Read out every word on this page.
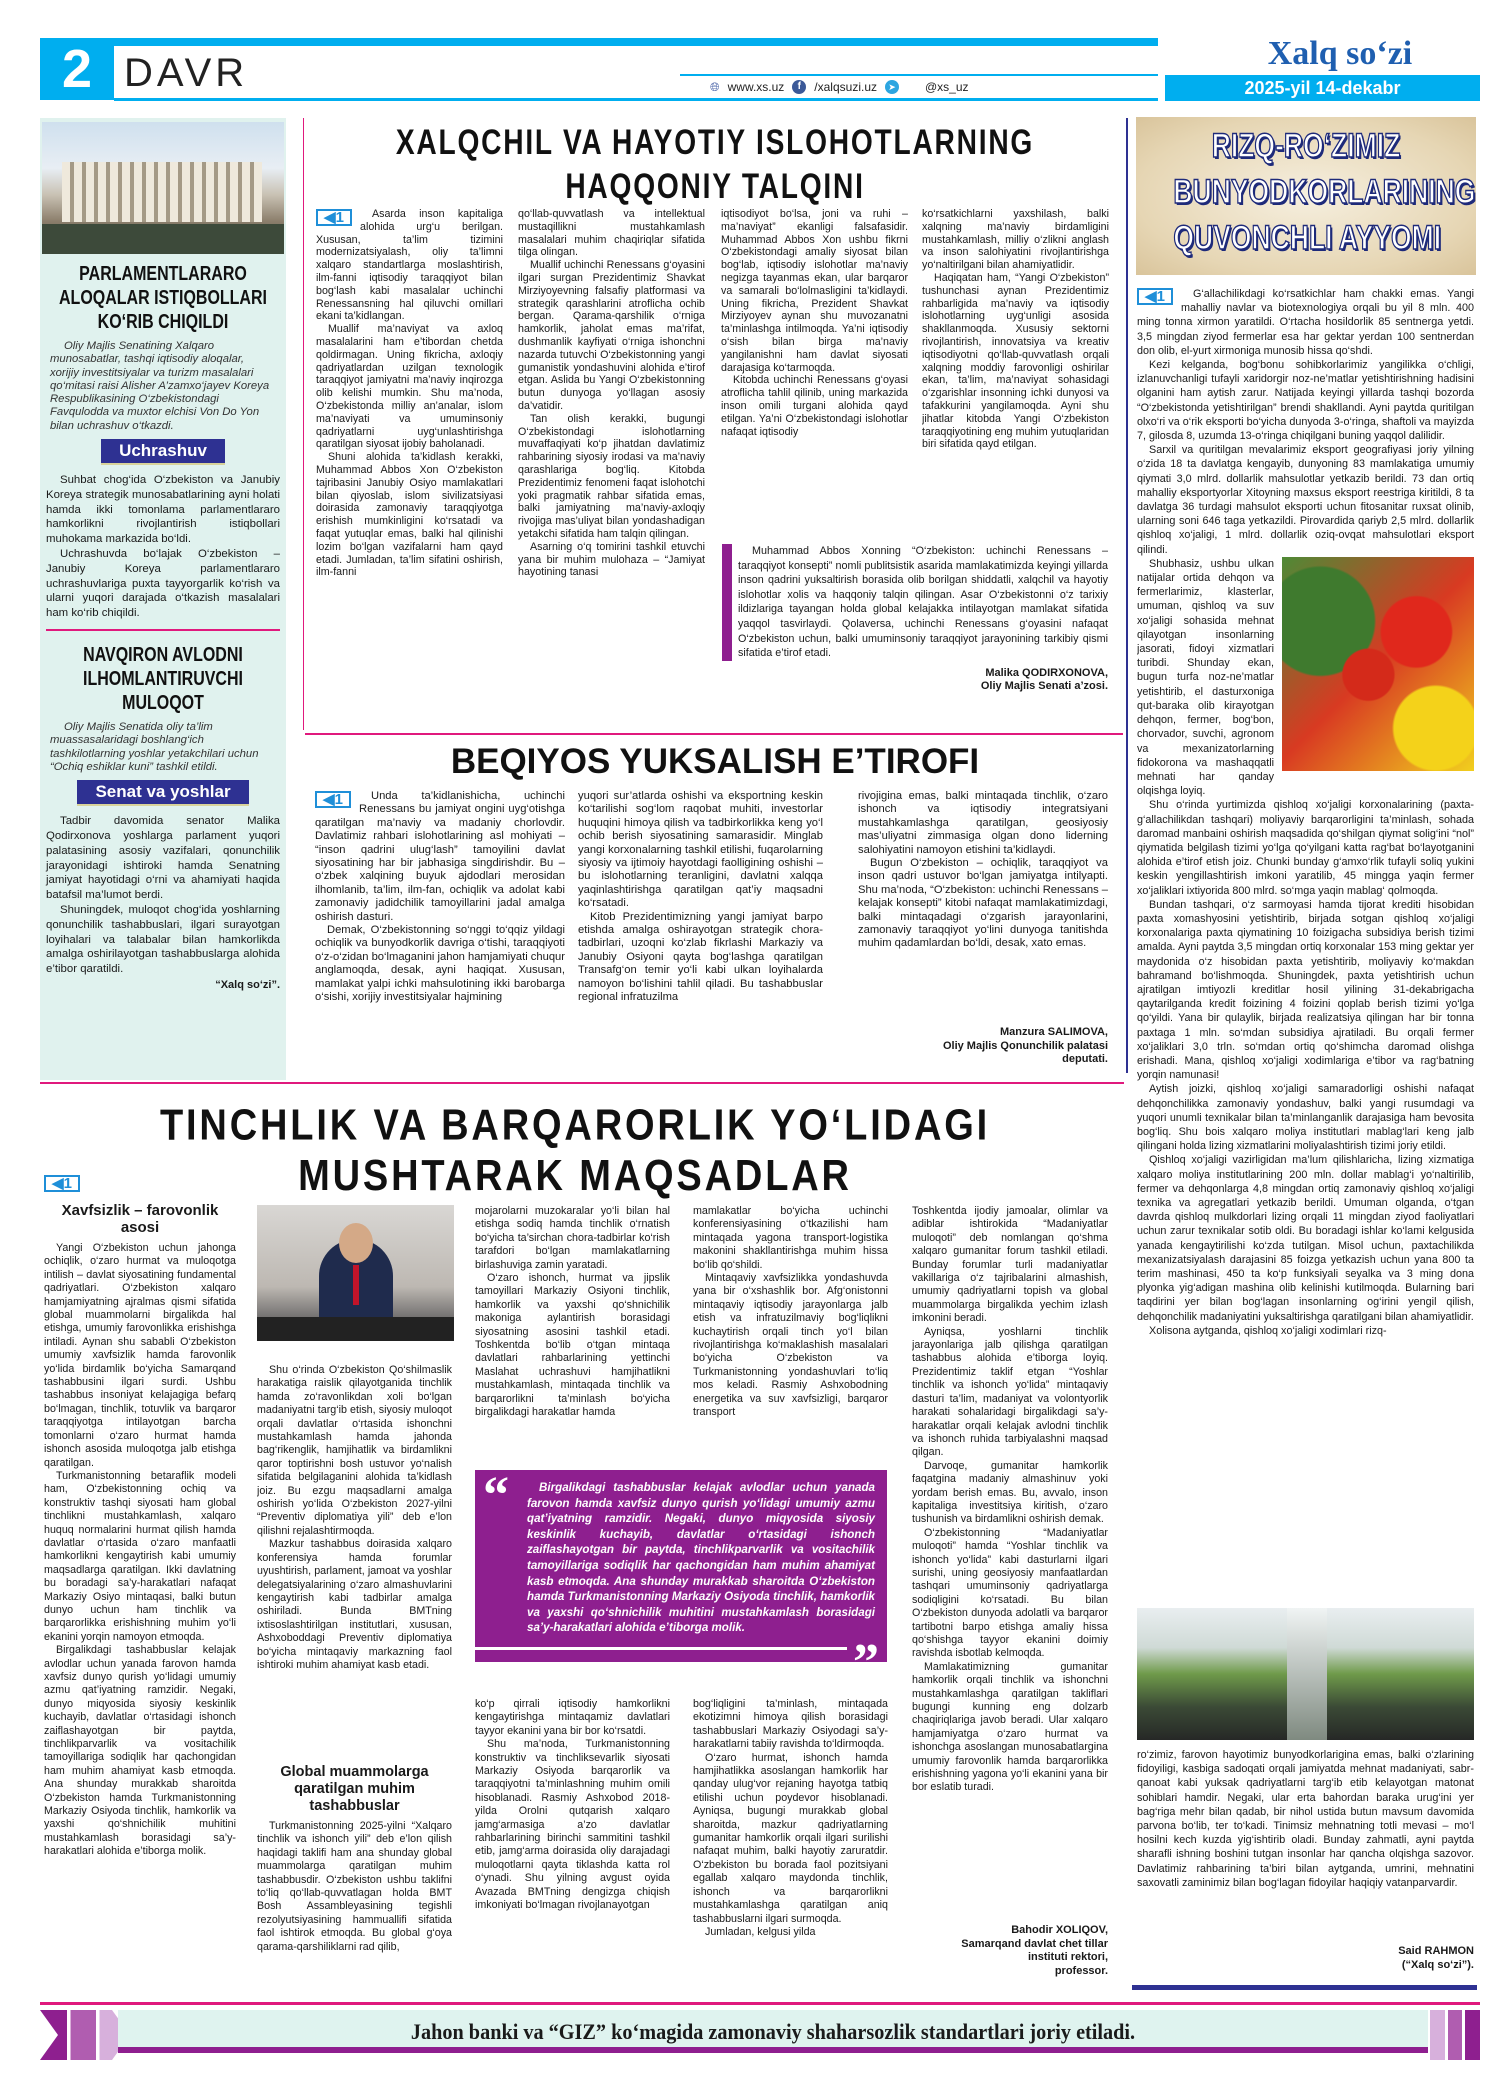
2 DAVR	🌐︎ www.xs.uz	f	/xalqsuzi.uz	➤ @xs_uz
Xalq so‘zi
2025-yil 14-dekabr
PARLAMENTLARARO ALOQALAR ISTIQBOLLARI KO‘RIB CHIQILDI
Oliy Majlis Senatining Xalqaro munosabatlar, tashqi iqtisodiy aloqalar, xorijiy investitsiyalar va turizm masalalari qo‘mitasi raisi Alisher A’zamxo‘jayev Koreya Respublikasining O‘zbekistondagi Favqulodda va muxtor elchisi Von Do Yon bilan uchrashuv o‘tkazdi.
Uchrashuv

Suhbat chog‘ida O‘zbekiston va Janubiy Koreya strategik munosabatlarining ayni holati hamda ikki tomonlama parlamentlararo hamkorlikni rivojlantirish istiqbollari muhokama markazida bo‘ldi.

Uchrashuvda bo‘lajak O‘zbekiston – Janubiy Koreya parlamentlararo uchrashuvlariga puxta tayyorgarlik ko‘rish va ularni yuqori darajada o‘tkazish masalalari ham ko‘rib chiqildi.

NAVQIRON AVLODNI ILHOMLANTIRUVCHI MULOQOT
Oliy Majlis Senatida oliy ta’lim muassasalaridagi boshlang‘ich tashkilotlarning yoshlar yetakchilari uchun “Ochiq eshiklar kuni” tashkil etildi.
Senat va yoshlar

Tadbir davomida senator Malika Qodirxonova yoshlarga parlament yuqori palatasining asosiy vazifalari, qonunchilik jarayonidagi ishtiroki hamda Senatning jamiyat hayotidagi o‘rni va ahamiyati haqida batafsil ma’lumot berdi.

Shuningdek, muloqot chog‘ida yoshlarning qonunchilik tashabbuslari, ilgari surayotgan loyihalari va talabalar bilan hamkorlikda amalga oshirilayotgan tashabbuslarga alohida e’tibor qaratildi.

“Xalq so‘zi”.
XALQCHIL VA HAYOTIY ISLOHOTLARNING
HAQQONIY TALQINI

◀1	Asarda inson kapitaliga alohida urg‘u berilgan. Xususan, ta’lim tizimini modernizatsiyalash, oliy ta’limni xalqaro standartlarga moslashtirish, ilm-fanni iqtisodiy taraqqiyot bilan bog‘lash kabi masalalar uchinchi Renessansning hal qiluvchi omillari ekani ta’kidlangan.

Muallif ma’naviyat va axloq masalalarini ham e’tibordan chetda qoldirmagan. Uning fikricha, axloqiy qadriyatlardan uzilgan texnologik taraqqiyot jamiyatni ma’naviy inqirozga olib kelishi mumkin. Shu ma’noda, O‘zbekistonda milliy an’analar, islom ma’naviyati va umuminsoniy qadriyatlarni uyg‘unlashtirishga qaratilgan siyosat ijobiy baholanadi.

Shuni alohida ta’kidlash kerakki, Muhammad Abbos Xon O‘zbekiston tajribasini Janubiy Osiyo mamlakatlari bilan qiyoslab, islom sivilizatsiyasi doirasida zamonaviy taraqqiyotga erishish mumkinligini ko‘rsatadi va faqat yutuqlar emas, balki hal qilinishi lozim bo‘lgan vazifalarni ham qayd etadi. Jumladan, ta’lim sifatini oshirish, ilm-fanni

qo‘llab-quvvatlash va intellektual mustaqillikni mustahkamlash masalalari muhim chaqiriqlar sifatida tilga olingan.

Muallif uchinchi Renessans g‘oyasini ilgari surgan Prezidentimiz Shavkat Mirziyoyevning falsafiy platformasi va strategik qarashlarini atroflicha ochib bergan. Qarama-qarshilik o‘rniga hamkorlik, jaholat emas ma’rifat, dushmanlik kayfiyati o‘rniga ishonchni nazarda tutuvchi O‘zbekistonning yangi gumanistik yondashuvini alohida e’tirof etgan. Aslida bu Yangi O‘zbekistonning butun dunyoga yo‘llagan asosiy da’vatidir.

Tan olish kerakki, bugungi O‘zbekistondagi islohotlarning muvaffaqiyati ko‘p jihatdan davlatimiz rahbarining siyosiy irodasi va ma’naviy qarashlariga bog‘liq. Kitobda Prezidentimiz fenomeni faqat islohotchi yoki pragmatik rahbar sifatida emas, balki jamiyatning ma’naviy-axloqiy rivojiga mas’uliyat bilan yondashadigan yetakchi sifatida ham talqin qilingan.

Asarning o‘q tomirini tashkil etuvchi yana bir muhim mulohaza – “Jamiyat hayotining tanasi

iqtisodiyot bo‘lsa, joni va ruhi – ma’naviyat” ekanligi falsafasidir. Muhammad Abbos Xon ushbu fikrni O‘zbekistondagi amaliy siyosat bilan bog‘lab, iqtisodiy islohotlar ma’naviy negizga tayanmas ekan, ular barqaror va samarali bo‘lolmasligini ta’kidlaydi. Uning fikricha, Prezident Shavkat Mirziyoyev aynan shu muvozanatni ta’minlashga intilmoqda. Ya’ni iqtisodiy o‘sish bilan birga ma’naviy yangilanishni ham davlat siyosati darajasiga ko‘tarmoqda.

Kitobda uchinchi Renessans g‘oyasi atroflicha tahlil qilinib, uning markazida inson omili turgani alohida qayd etilgan. Ya’ni O‘zbekistondagi islohotlar nafaqat iqtisodiy

ko‘rsatkichlarni yaxshilash, balki xalqning ma’naviy birdamligini mustahkamlash, milliy o‘zlikni anglash va inson salohiyatini rivojlantirishga yo‘naltirilgani bilan ahamiyatlidir.

Haqiqatan ham, “Yangi O‘zbekiston” tushunchasi aynan Prezidentimiz rahbarligida ma’naviy va iqtisodiy islohotlarning uyg‘unligi asosida shakllanmoqda. Xususiy sektorni rivojlantirish, innovatsiya va kreativ iqtisodiyotni qo‘llab-quvvatlash orqali xalqning moddiy farovonligi oshirilar ekan, ta’lim, ma’naviyat sohasidagi o‘zgarishlar insonning ichki dunyosi va tafakkurini yangilamoqda. Ayni shu jihatlar kitobda Yangi O‘zbekiston taraqqiyotining eng muhim yutuqlaridan biri sifatida qayd etilgan.

Muhammad Abbos Xonning “O‘zbekiston: uchinchi Renessans – taraqqiyot konsepti” nomli publitsistik asarida mamlakatimizda keyingi yillarda inson qadrini yuksaltirish borasida olib borilgan shiddatli, xalqchil va hayotiy islohotlar xolis va haqqoniy talqin qilingan. Asar O‘zbekistonni o‘z tarixiy ildizlariga tayangan holda global kelajakka intilayotgan mamlakat sifatida yaqqol tasvirlaydi. Qolaversa, uchinchi Renessans g‘oyasini nafaqat O‘zbekiston uchun, balki umuminsoniy taraqqiyot jarayonining tarkibiy qismi sifatida e’tirof etadi.
Malika QODIRXONOVA,
Oliy Majlis Senati a’zosi.
BEQIYOS YUKSALISH E’TIROFI

◀1	Unda ta’kidlanishicha, uchinchi Renessans bu jamiyat ongini uyg‘otishga qaratilgan ma’naviy va madaniy chorlovdir. Davlatimiz rahbari islohotlarining asl mohiyati – “inson qadrini ulug‘lash” tamoyilini davlat siyosatining har bir jabhasiga singdirishdir. Bu – o‘zbek xalqining buyuk ajdodlari merosidan ilhomlanib, ta’lim, ilm-fan, ochiqlik va adolat kabi zamonaviy jadidchilik tamoyillarini jadal amalga oshirish dasturi.

Demak, O‘zbekistonning so‘nggi to‘qqiz yildagi ochiqlik va bunyodkorlik davriga o‘tishi, taraqqiyoti o‘z-o‘zidan bo‘lmaganini jahon hamjamiyati chuqur anglamoqda, desak, ayni haqiqat. Xususan, mamlakat yalpi ichki mahsulotining ikki barobarga o‘sishi, xorijiy investitsiyalar hajmining

yuqori sur’atlarda oshishi va eksportning keskin ko‘tarilishi sog‘lom raqobat muhiti, investorlar huquqini himoya qilish va tadbirkorlikka keng yo‘l ochib berish siyosatining samarasidir. Minglab yangi korxonalarning tashkil etilishi, fuqarolarning siyosiy va ijtimoiy hayotdagi faolligining oshishi – bu islohotlarning teranligini, davlatni xalqqa yaqinlashtirishga qaratilgan qat’iy maqsadni ko‘rsatadi.

Kitob Prezidentimizning yangi jamiyat barpo etishda amalga oshirayotgan strategik chora-tadbirlari, uzoqni ko‘zlab fikrlashi Markaziy va Janubiy Osiyoni qayta bog‘lashga qaratilgan Transafg‘on temir yo‘li kabi ulkan loyihalarda namoyon bo‘lishini tahlil qiladi. Bu tashabbuslar regional infratuzilma

rivojigina emas, balki mintaqada tinchlik, o‘zaro ishonch va iqtisodiy integratsiyani mustahkamlashga qaratilgan, geosiyosiy mas’uliyatni zimmasiga olgan dono liderning salohiyatini namoyon etishini ta’kidlaydi.

Bugun O‘zbekiston – ochiqlik, taraqqiyot va inson qadri ustuvor bo‘lgan jamiyatga intilyapti. Shu ma’noda, “O‘zbekiston: uchinchi Renessans – kelajak konsepti” kitobi nafaqat mamlakatimizdagi, balki mintaqadagi o‘zgarish jarayonlarini, zamonaviy taraqqiyot yo‘lini dunyoga tanitishda muhim qadamlardan bo‘ldi, desak, xato emas.

Manzura SALIMOVA,
Oliy Majlis Qonunchilik palatasi
deputati.
TINCHLIK VA BARQARORLIK YO‘LIDAGI
MUSHTARAK MAQSADLAR
◀1
Xavfsizlik – farovonlik asosi

Yangi O‘zbekiston uchun jahonga ochiqlik, o‘zaro hurmat va muloqotga intilish – davlat siyosatining fundamental qadriyatlari. O‘zbekiston xalqaro hamjamiyatning ajralmas qismi sifatida global muammolarni birgalikda hal etishga, umumiy farovonlikka erishishga intiladi. Aynan shu sababli O‘zbekiston umumiy xavfsizlik hamda farovonlik yo‘lida birdamlik bo‘yicha Samarqand tashabbusini ilgari surdi. Ushbu tashabbus insoniyat kelajagiga befarq bo‘lmagan, tinchlik, totuvlik va barqaror taraqqiyotga intilayotgan barcha tomonlarni o‘zaro hurmat hamda ishonch asosida muloqotga jalb etishga qaratilgan.

Turkmanistonning betaraflik modeli ham, O‘zbekistonning ochiq va konstruktiv tashqi siyosati ham global tinchlikni mustahkamlash, xalqaro huquq normalarini hurmat qilish hamda davlatlar o‘rtasida o‘zaro manfaatli hamkorlikni kengaytirish kabi umumiy maqsadlarga qaratilgan. Ikki davlatning bu boradagi sa’y-harakatlari nafaqat Markaziy Osiyo mintaqasi, balki butun dunyo uchun ham tinchlik va barqarorlikka erishishning muhim yo‘li ekanini yorqin namoyon etmoqda.

Birgalikdagi tashabbuslar kelajak avlodlar uchun yanada farovon hamda xavfsiz dunyo qurish yo‘lidagi umumiy azmu qat’iyatning ramzidir. Negaki, dunyo miqyosida siyosiy keskinlik kuchayib, davlatlar o‘rtasidagi ishonch zaiflashayotgan bir paytda, tinchlikparvarlik va vositachilik tamoyillariga sodiqlik har qachongidan ham muhim ahamiyat kasb etmoqda. Ana shunday murakkab sharoitda O‘zbekiston hamda Turkmanistonning Markaziy Osiyoda tinchlik, hamkorlik va yaxshi qo‘shnichilik muhitini mustahkamlash borasidagi sa’y-harakatlari alohida e’tiborga molik.

Shu o‘rinda O‘zbekiston Qo‘shilmaslik harakatiga raislik qilayotganida tinchlik hamda zo‘ravonlikdan xoli bo‘lgan madaniyatni targ‘ib etish, siyosiy muloqot orqali davlatlar o‘rtasida ishonchni mustahkamlash hamda jahonda bag‘rikenglik, hamjihatlik va birdamlikni qaror toptirishni bosh ustuvor yo‘nalish sifatida belgilaganini alohida ta’kidlash joiz. Bu ezgu maqsadlarni amalga oshirish yo‘lida O‘zbekiston 2027-yilni “Preventiv diplomatiya yili” deb e’lon qilishni rejalashtirmoqda.

Mazkur tashabbus doirasida xalqaro konferensiya hamda forumlar uyushtirish, parlament, jamoat va yoshlar delegatsiyalarining o‘zaro almashuvlarini kengaytirish kabi tadbirlar amalga oshiriladi. Bunda BMTning ixtisoslashtirilgan institutlari, xususan, Ashxoboddagi Preventiv diplomatiya bo‘yicha mintaqaviy markazning faol ishtiroki muhim ahamiyat kasb etadi.

Global muammolarga qaratilgan muhim tashabbuslar

Turkmanistonning 2025-yilni “Xalqaro tinchlik va ishonch yili” deb e’lon qilish haqidagi taklifi ham ana shunday global muammolarga qaratilgan muhim tashabbusdir. O‘zbekiston ushbu taklifni to‘liq qo‘llab-quvvatlagan holda BMT Bosh Assambleyasining tegishli rezolyutsiyasining hammuallifi sifatida faol ishtirok etmoqda. Bu global g‘oya qarama-qarshiliklarni rad qilib,

mojarolarni muzokaralar yo‘li bilan hal etishga sodiq hamda tinchlik o‘rnatish bo‘yicha ta’sirchan chora-tadbirlar ko‘rish tarafdori bo‘lgan mamlakatlarning birlashuviga zamin yaratadi.

O‘zaro ishonch, hurmat va jipslik tamoyillari Markaziy Osiyoni tinchlik, hamkorlik va yaxshi qo‘shnichilik makoniga aylantirish borasidagi siyosatning asosini tashkil etadi. Toshkentda bo‘lib o‘tgan mintaqa davlatlari rahbarlarining yettinchi Maslahat uchrashuvi hamjihatlikni mustahkamlash, mintaqada tinchlik va barqarorlikni ta’minlash bo‘yicha birgalikdagi harakatlar hamda

mamlakatlar bo‘yicha uchinchi konferensiyasining o‘tkazilishi ham mintaqada yagona transport-logistika makonini shakllantirishga muhim hissa bo‘lib qo‘shildi.

Mintaqaviy xavfsizlikka yondashuvda yana bir o‘xshashlik bor. Afg‘onistonni mintaqaviy iqtisodiy jarayonlarga jalb etish va infratuzilmaviy bog‘liqlikni kuchaytirish orqali tinch yo‘l bilan rivojlantirishga ko‘maklashish masalalari bo‘yicha O‘zbekiston va Turkmanistonning yondashuvlari to‘liq mos keladi. Rasmiy Ashxobodning energetika va suv xavfsizligi, barqaror transport

“	Birgalikdagi tashabbuslar kelajak avlodlar uchun yanada farovon hamda xavfsiz dunyo qurish yo‘lidagi umumiy azmu qat’iyatning ramzidir. Negaki, dunyo miqyosida siyosiy keskinlik kuchayib, davlatlar o‘rtasidagi ishonch zaiflashayotgan bir paytda, tinchlikparvarlik va vositachilik tamoyillariga sodiqlik har qachongidan ham muhim ahamiyat kasb etmoqda. Ana shunday murakkab sharoitda O‘zbekiston hamda Turkmanistonning Markaziy Osiyoda tinchlik, hamkorlik va yaxshi qo‘shnichilik muhitini mustahkamlash borasidagi sa’y-harakatlari alohida e’tiborga molik.
”

ko‘p qirrali iqtisodiy hamkorlikni kengaytirishga mintaqamiz davlatlari tayyor ekanini yana bir bor ko‘rsatdi.

Shu ma’noda, Turkmanistonning konstruktiv va tinchliksevarlik siyosati Markaziy Osiyoda barqarorlik va taraqqiyotni ta’minlashning muhim omili hisoblanadi. Rasmiy Ashxobod 2018-yilda Orolni qutqarish xalqaro jamg‘armasiga a’zo davlatlar rahbarlarining birinchi sammitini tashkil etib, jamg‘arma doirasida oliy darajadagi muloqotlarni qayta tiklashda katta rol o‘ynadi. Shu yilning avgust oyida Avazada BMTning dengizga chiqish imkoniyati bo‘lmagan rivojlanayotgan

bog‘liqligini ta’minlash, mintaqada ekotizimni himoya qilish borasidagi tashabbuslari Markaziy Osiyodagi sa’y-harakatlarni tabiiy ravishda to‘ldirmoqda.

O‘zaro hurmat, ishonch hamda hamjihatlikka asoslangan hamkorlik har qanday ulug‘vor rejaning hayotga tatbiq etilishi uchun poydevor hisoblanadi. Ayniqsa, bugungi murakkab global sharoitda, mazkur qadriyatlarning gumanitar hamkorlik orqali ilgari surilishi nafaqat muhim, balki hayotiy zaruratdir. O‘zbekiston bu borada faol pozitsiyani egallab xalqaro maydonda tinchlik, ishonch va barqarorlikni mustahkamlashga qaratilgan aniq tashabbuslarni ilgari surmoqda.

Jumladan, kelgusi yilda

Toshkentda ijodiy jamoalar, olimlar va adiblar ishtirokida “Madaniyatlar muloqoti” deb nomlangan qo‘shma xalqaro gumanitar forum tashkil etiladi. Bunday forumlar turli madaniyatlar vakillariga o‘z tajribalarini almashish, umumiy qadriyatlarni topish va global muammolarga birgalikda yechim izlash imkonini beradi.

Ayniqsa, yoshlarni tinchlik jarayonlariga jalb qilishga qaratilgan tashabbus alohida e’tiborga loyiq. Prezidentimiz taklif etgan “Yoshlar tinchlik va ishonch yo‘lida” mintaqaviy dasturi ta’lim, madaniyat va volontyorlik harakati sohalaridagi birgalikdagi sa’y-harakatlar orqali kelajak avlodni tinchlik va ishonch ruhida tarbiyalashni maqsad qilgan.

Darvoqe, gumanitar hamkorlik faqatgina madaniy almashinuv yoki yordam berish emas. Bu, avvalo, inson kapitaliga investitsiya kiritish, o‘zaro tushunish va birdamlikni oshirish demak.

O‘zbekistonning “Madaniyatlar muloqoti” hamda “Yoshlar tinchlik va ishonch yo‘lida” kabi dasturlarni ilgari surishi, uning geosiyosiy manfaatlardan tashqari umuminsoniy qadriyatlarga sodiqligini ko‘rsatadi. Bu bilan O‘zbekiston dunyoda adolatli va barqaror tartibotni barpo etishga amaliy hissa qo‘shishga tayyor ekanini doimiy ravishda isbotlab kelmoqda.

Mamlakatimizning gumanitar hamkorlik orqali tinchlik va ishonchni mustahkamlashga qaratilgan takliflari bugungi kunning eng dolzarb chaqiriqlariga javob beradi. Ular xalqaro hamjamiyatga o‘zaro hurmat va ishonchga asoslangan munosabatlargina umumiy farovonlik hamda barqarorlikka erishishning yagona yo‘li ekanini yana bir bor eslatib turadi.

Bahodir XOLIQOV,
Samarqand davlat chet tillar
instituti rektori,
professor.
RIZQ-RO‘ZIMIZ
BUNYODKORLARINING
QUVONCHLI AYYOMI

◀1	G‘allachilikdagi ko‘rsatkichlar ham chakki emas. Yangi mahalliy navlar va biotexnologiya orqali bu yil 8 mln. 400 ming tonna xirmon yaratildi. O‘rtacha hosildorlik 85 sentnerga yetdi. 3,5 mingdan ziyod fermerlar esa har gektar yerdan 100 sentnerdan don olib, el-yurt xirmoniga munosib hissa qo‘shdi.

Kezi kelganda, bog‘bonu sohibkorlarimiz yangilikka o‘chligi, izlanuvchanligi tufayli xaridorgir noz-ne’matlar yetishtirishning hadisini olganini ham aytish zarur. Natijada keyingi yillarda tashqi bozorda “O‘zbekistonda yetishtirilgan” brendi shakllandi. Ayni paytda quritilgan olxo‘ri va o‘rik eksporti bo‘yicha dunyoda 3-o‘ringa, shaftoli va mayizda 7, gilosda 8, uzumda 13-o‘ringa chiqilgani buning yaqqol dalilidir.

Sarxil va quritilgan mevalarimiz eksport geografiyasi joriy yilning o‘zida 18 ta davlatga kengayib, dunyoning 83 mamlakatiga umumiy qiymati 3,0 mlrd. dollarlik mahsulotlar yetkazib berildi. 73 dan ortiq mahalliy eksportyorlar Xitoyning maxsus eksport reestriga kiritildi, 8 ta davlatga 36 turdagi mahsulot eksporti uchun fitosanitar ruxsat olinib, ularning soni 646 taga yetkazildi. Pirovardida qariyb 2,5 mlrd. dollarlik qishloq xo‘jaligi, 1 mlrd. dollarlik oziq-ovqat mahsulotlari eksport qilindi.

Shubhasiz, ushbu ulkan natijalar ortida dehqon va fermerlarimiz, klasterlar, umuman, qishloq va suv xo‘jaligi sohasida mehnat qilayotgan insonlarning jasorati, fidoyi xizmatlari turibdi. Shunday ekan, bugun turfa noz-ne’matlar yetishtirib, el dasturxoniga qut-baraka olib kirayotgan dehqon, fermer, bog‘bon, chorvador, suvchi, agronom va mexanizatorlarning fidokorona va mashaqqatli mehnati har qanday olqishga loyiq.

Shu o‘rinda yurtimizda qishloq xo‘jaligi korxonalarining (paxta-g‘allachilikdan tashqari) moliyaviy barqarorligini ta’minlash, sohada daromad manbaini oshirish maqsadida qo‘shilgan qiymat solig‘ini “nol” qiymatida belgilash tizimi yo‘lga qo‘yilgani katta rag‘bat bo‘layotganini alohida e’tirof etish joiz. Chunki bunday g‘amxo‘rlik tufayli soliq yukini keskin yengillashtirish imkoni yaratilib, 45 mingga yaqin fermer xo‘jaliklari ixtiyorida 800 mlrd. so‘mga yaqin mablag‘ qolmoqda.

Bundan tashqari, o‘z sarmoyasi hamda tijorat krediti hisobidan paxta xomashyosini yetishtirib, birjada sotgan qishloq xo‘jaligi korxonalariga paxta qiymatining 10 foizigacha subsidiya berish tizimi amalda. Ayni paytda 3,5 mingdan ortiq korxonalar 153 ming gektar yer maydonida o‘z hisobidan paxta yetishtirib, moliyaviy ko‘makdan bahramand bo‘lishmoqda. Shuningdek, paxta yetishtirish uchun ajratilgan imtiyozli kreditlar hosil yilining 31-dekabrigacha qaytarilganda kredit foizining 4 foizini qoplab berish tizimi yo‘lga qo‘yildi. Yana bir qulaylik, birjada realizatsiya qilingan har bir tonna paxtaga 1 mln. so‘mdan subsidiya ajratiladi. Bu orqali fermer xo‘jaliklari 3,0 trln. so‘mdan ortiq qo‘shimcha daromad olishga erishadi. Mana, qishloq xo‘jaligi xodimlariga e’tibor va rag‘batning yorqin namunasi!

Aytish joizki, qishloq xo‘jaligi samaradorligi oshishi nafaqat dehqonchilikka zamonaviy yondashuv, balki yangi rusumdagi va yuqori unumli texnikalar bilan ta’minlanganlik darajasiga ham bevosita bog‘liq. Shu bois xalqaro moliya institutlari mablag‘lari keng jalb qilingani holda lizing xizmatlarini moliyalashtirish tizimi joriy etildi.

Qishloq xo‘jaligi vazirligidan ma’lum qilishlaricha, lizing xizmatiga xalqaro moliya institutlarining 200 mln. dollar mablag‘i yo‘naltirilib, fermer va dehqonlarga 4,8 mingdan ortiq zamonaviy qishloq xo‘jaligi texnika va agregatlari yetkazib berildi. Umuman olganda, o‘tgan davrda qishloq mulkdorlari lizing orqali 11 mingdan ziyod faoliyatlari uchun zarur texnikalar sotib oldi. Bu boradagi ishlar ko‘lami kelgusida yanada kengaytirilishi ko‘zda tutilgan. Misol uchun, paxtachilikda mexanizatsiyalash darajasini 85 foizga yetkazish uchun yana 800 ta terim mashinasi, 450 ta ko‘p funksiyali seyalka va 3 ming dona plyonka yig‘adigan mashina olib kelinishi kutilmoqda. Bularning bari taqdirini yer bilan bog‘lagan insonlarning og‘irini yengil qilish, dehqonchilik madaniyatini yuksaltirishga qaratilgani bilan ahamiyatlidir.

Xolisona aytganda, qishloq xo‘jaligi xodimlari rizq-

ro‘zimiz, farovon hayotimiz bunyodkorlarigina emas, balki o‘zlarining fidoyiligi, kasbiga sadoqati orqali jamiyatda mehnat madaniyati, sabr-qanoat kabi yuksak qadriyatlarni targ‘ib etib kelayotgan matonat sohiblari hamdir. Negaki, ular erta bahordan baraka urug‘ini yer bag‘riga mehr bilan qadab, bir nihol ustida butun mavsum davomida parvona bo‘lib, ter to‘kadi. Tinimsiz mehnatning totli mevasi – mo‘l hosilni kech kuzda yig‘ishtirib oladi. Bunday zahmatli, ayni paytda sharafli ishning boshini tutgan insonlar har qancha olqishga sazovor. Davlatimiz rahbarining ta’biri bilan aytganda, umrini, mehnatini saxovatli zaminimiz bilan bog‘lagan fidoyilar haqiqiy vatanparvardir.

Said RAHMON
(“Xalq so‘zi”).
Jahon banki va “GIZ” ko‘magida zamonaviy shaharsozlik standartlari joriy etiladi.
